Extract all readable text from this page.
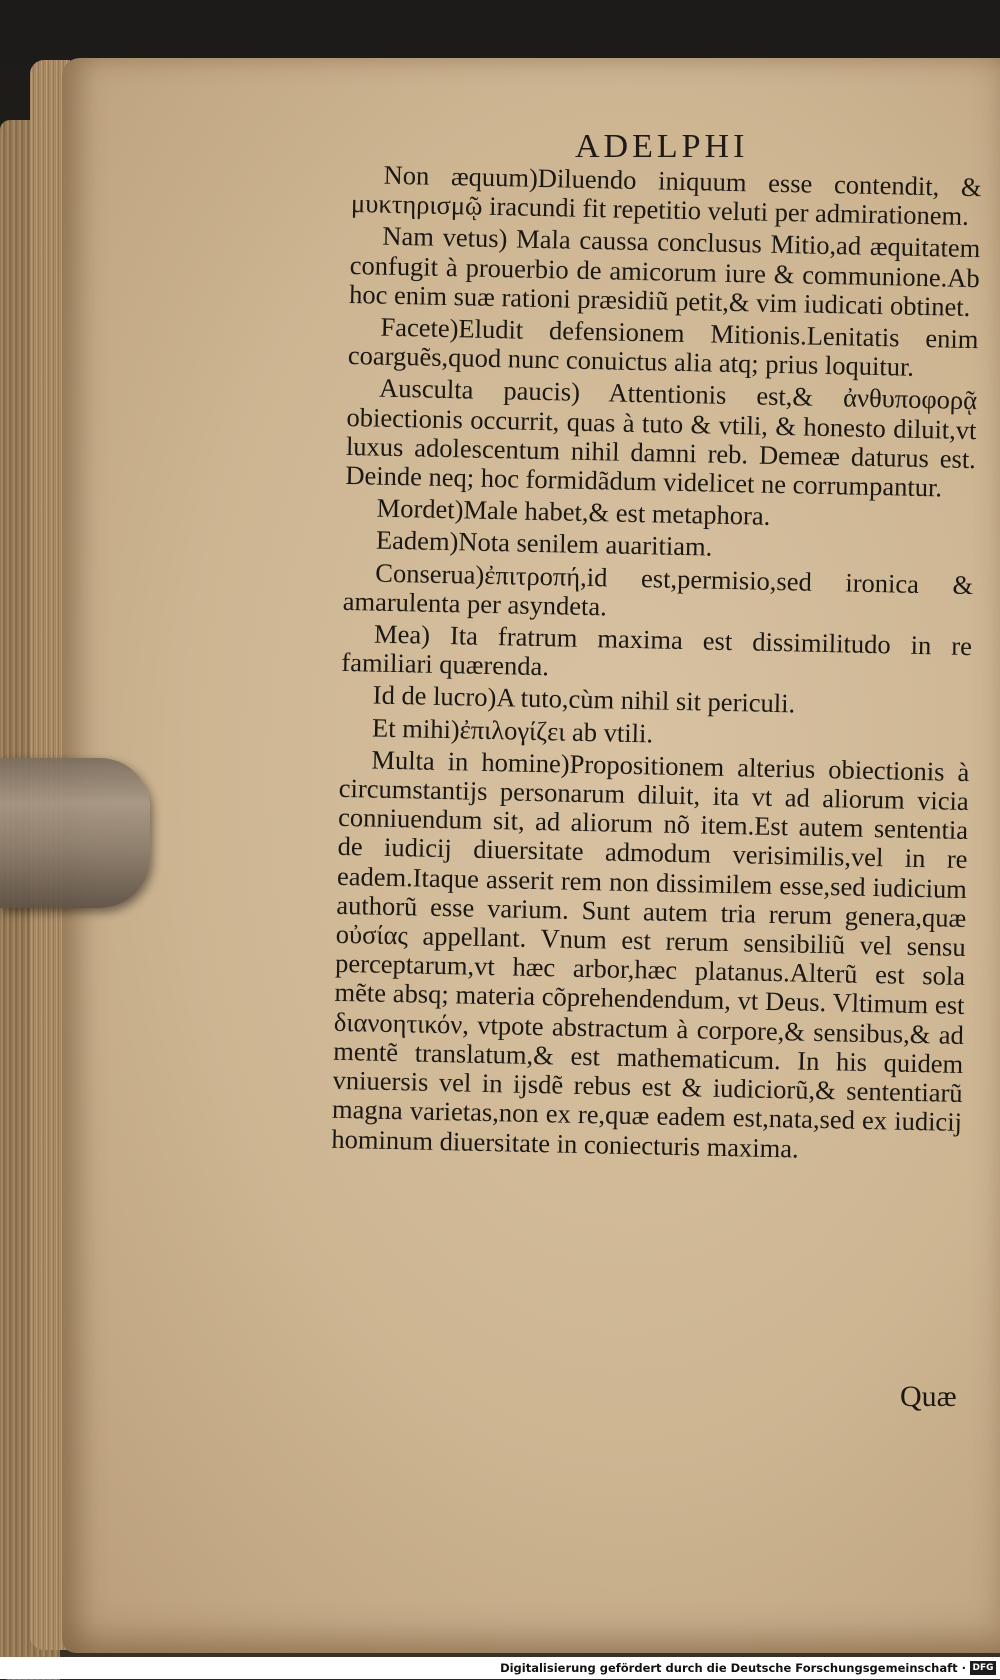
ADELPHI

Non æquum)Diluendo iniquum esse contendit, & μυκτηρισμῷ iracundi fit repetitio veluti per admirationem.

Nam vetus) Mala caussa conclusus Mitio,ad æquitatem confugit à prouerbio de amicorum iure & communione.Ab hoc enim suæ rationi præsidiũ petit,& vim iudicati obtinet.

Facete)Eludit defensionem Mitionis.Lenitatis enim coarguẽs,quod nunc conuictus alia atq; prius loquitur.

Ausculta paucis) Attentionis est,& ἀνθυποφορᾷ obiectionis occurrit, quas à tuto & vtili, & honesto diluit,vt luxus adolescentum nihil damni reb. Demeæ daturus est. Deinde neq; hoc formidãdum videlicet ne corrumpantur.

Mordet)Male habet,& est metaphora.

Eadem)Nota senilem auaritiam.

Conserua)ἐπιτροπή,id est,permisio,sed ironica & amarulenta per asyndeta.

Mea) Ita fratrum maxima est dissimilitudo in re familiari quærenda.

Id de lucro)A tuto,cùm nihil sit periculi.

Et mihi)ἐπιλογίζει ab vtili.

Multa in homine)Propositionem alterius obiectionis à circumstantijs personarum diluit, ita vt ad aliorum vicia conniuendum sit, ad aliorum nõ item.Est autem sententia de iudicij diuersitate admodum verisimilis,vel in re eadem.Itaque asserit rem non dissimilem esse,sed iudicium authorũ esse varium. Sunt autem tria rerum genera,quæ οὐσίας appellant. Vnum est rerum sensibiliũ vel sensu perceptarum,vt hæc arbor,hæc platanus.Alterũ est sola mẽte absq; materia cõprehendendum, vt Deus. Vltimum est διανοητικόν, vtpote abstractum à corpore,& sensibus,& ad mentẽ translatum,& est mathematicum. In his quidem vniuersis vel in ijsdẽ rebus est & iudiciorũ,& sententiarũ magna varietas,non ex re,quæ eadem est,nata,sed ex iudicij hominum diuersitate in coniecturis maxima.

Quæ
Digitalisierung gefördert durch die Deutsche Forschungsgemeinschaft · DFG
